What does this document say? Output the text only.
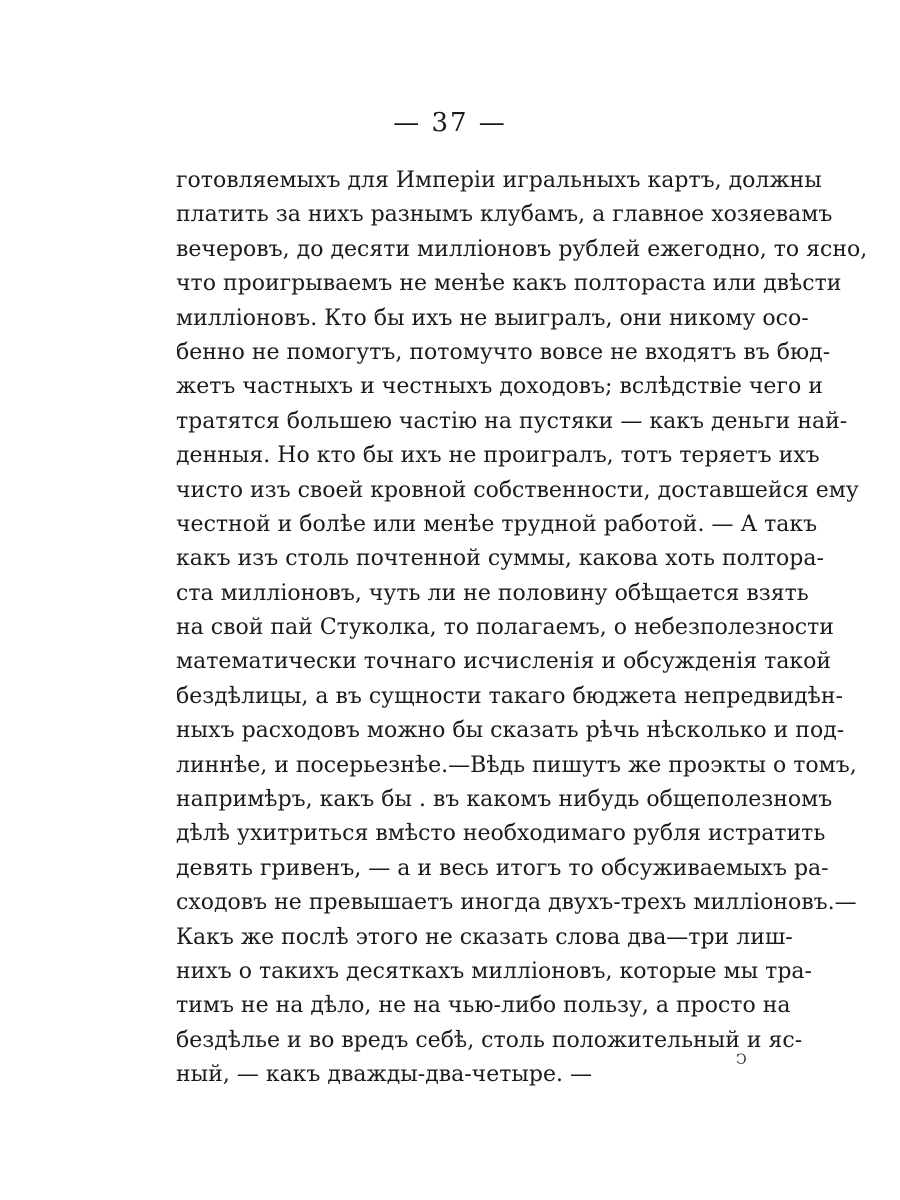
— 37 —
готовляемыхъ для Имперіи игральныхъ картъ, должны
платить за нихъ разнымъ клубамъ, а главное хозяевамъ
вечеровъ, до десяти милліоновъ рублей ежегодно, то ясно,
что проигрываемъ не менѣе какъ полтораста или двѣсти
милліоновъ. Кто бы ихъ не выигралъ, они никому осо-
бенно не помогутъ, потомучто вовсе не входятъ въ бюд-
жетъ частныхъ и честныхъ доходовъ; вслѣдствіе чего и
тратятся большею частію на пустяки — какъ деньги най-
денныя. Но кто бы ихъ не проигралъ, тотъ теряетъ ихъ
чисто изъ своей кровной собственности, доставшейся ему
честной и болѣе или менѣе трудной работой. — А такъ
какъ изъ столь почтенной суммы, какова хоть полтора-
ста милліоновъ, чуть ли не половину обѣщается взять
на свой пай Стуколка, то полагаемъ, о небезполезности
математически точнаго исчисленія и обсужденія такой
бездѣлицы, а въ сущности такаго бюджета непредвидѣн-
ныхъ расходовъ можно бы сказать рѣчь нѣсколько и под-
линнѣе, и посерьезнѣе.—Вѣдь пишутъ же проэкты о томъ,
напримѣръ, какъ бы . въ какомъ нибудь общеполезномъ
дѣлѣ ухитриться вмѣсто необходимаго рубля истратить
девять гривенъ, — а и весь итогъ то обсуживаемыхъ ра-
сходовъ не превышаетъ иногда двухъ-трехъ милліоновъ.—
Какъ же послѣ этого не сказать слова два—три лиш-
нихъ о такихъ десяткахъ милліоновъ, которые мы тра-
тимъ не на дѣло, не на чью-либо пользу, а просто на
бездѣлье и во вредъ себѣ, столь положительный и яс-
ный, — какъ дважды-два-четыре. —
Ↄ
